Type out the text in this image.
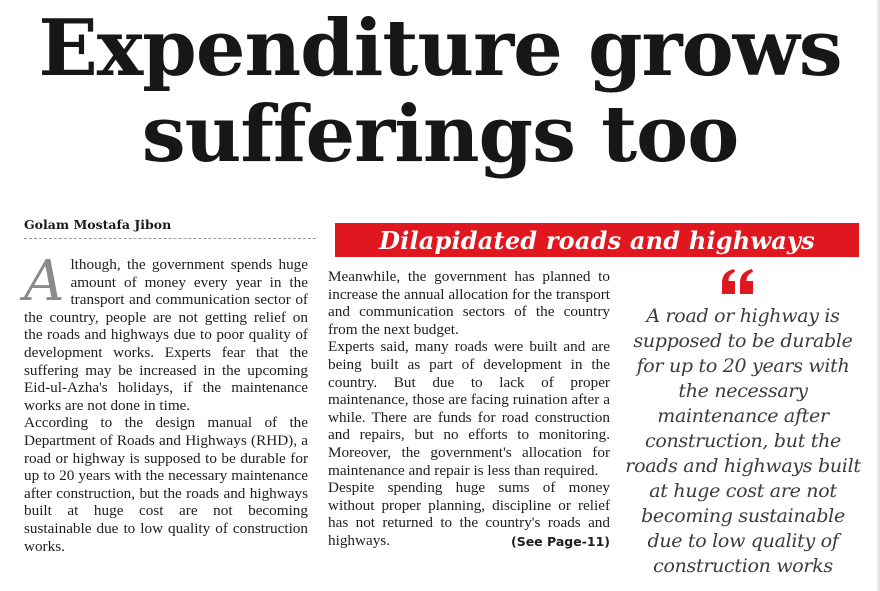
Expenditure grows
sufferings too
Golam Mostafa Jibon
Dilapidated roads and highways

Although, the government spends huge amount of money every year in the transport and communication sector of the country, people are not getting relief on the roads and highways due to poor quality of development works. Experts fear that the suffering may be increased in the upcoming Eid-ul-Azha's holidays, if the maintenance works are not done in time.

According to the design manual of the Department of Roads and Highways (RHD), a road or highway is supposed to be durable for up to 20 years with the necessary maintenance after construction, but the roads and highways built at huge cost are not becoming sustainable due to low quality of construction works.

Meanwhile, the government has planned to increase the annual allocation for the transport and communication sectors of the country from the next budget.

Experts said, many roads were built and are being built as part of development in the country. But due to lack of proper maintenance, those are facing ruination after a while. There are funds for road construction and repairs, but no efforts to monitoring. Moreover, the government's allocation for maintenance and repair is less than required.

Despite spending huge sums of money without proper planning, discipline or relief has not returned to the country's roads and highways.	(See Page-11)

A road or highway is supposed to be durable for up to 20 years with the necessary maintenance after construction, but the roads and highways built at huge cost are not becoming sustainable due to low quality of construction works
